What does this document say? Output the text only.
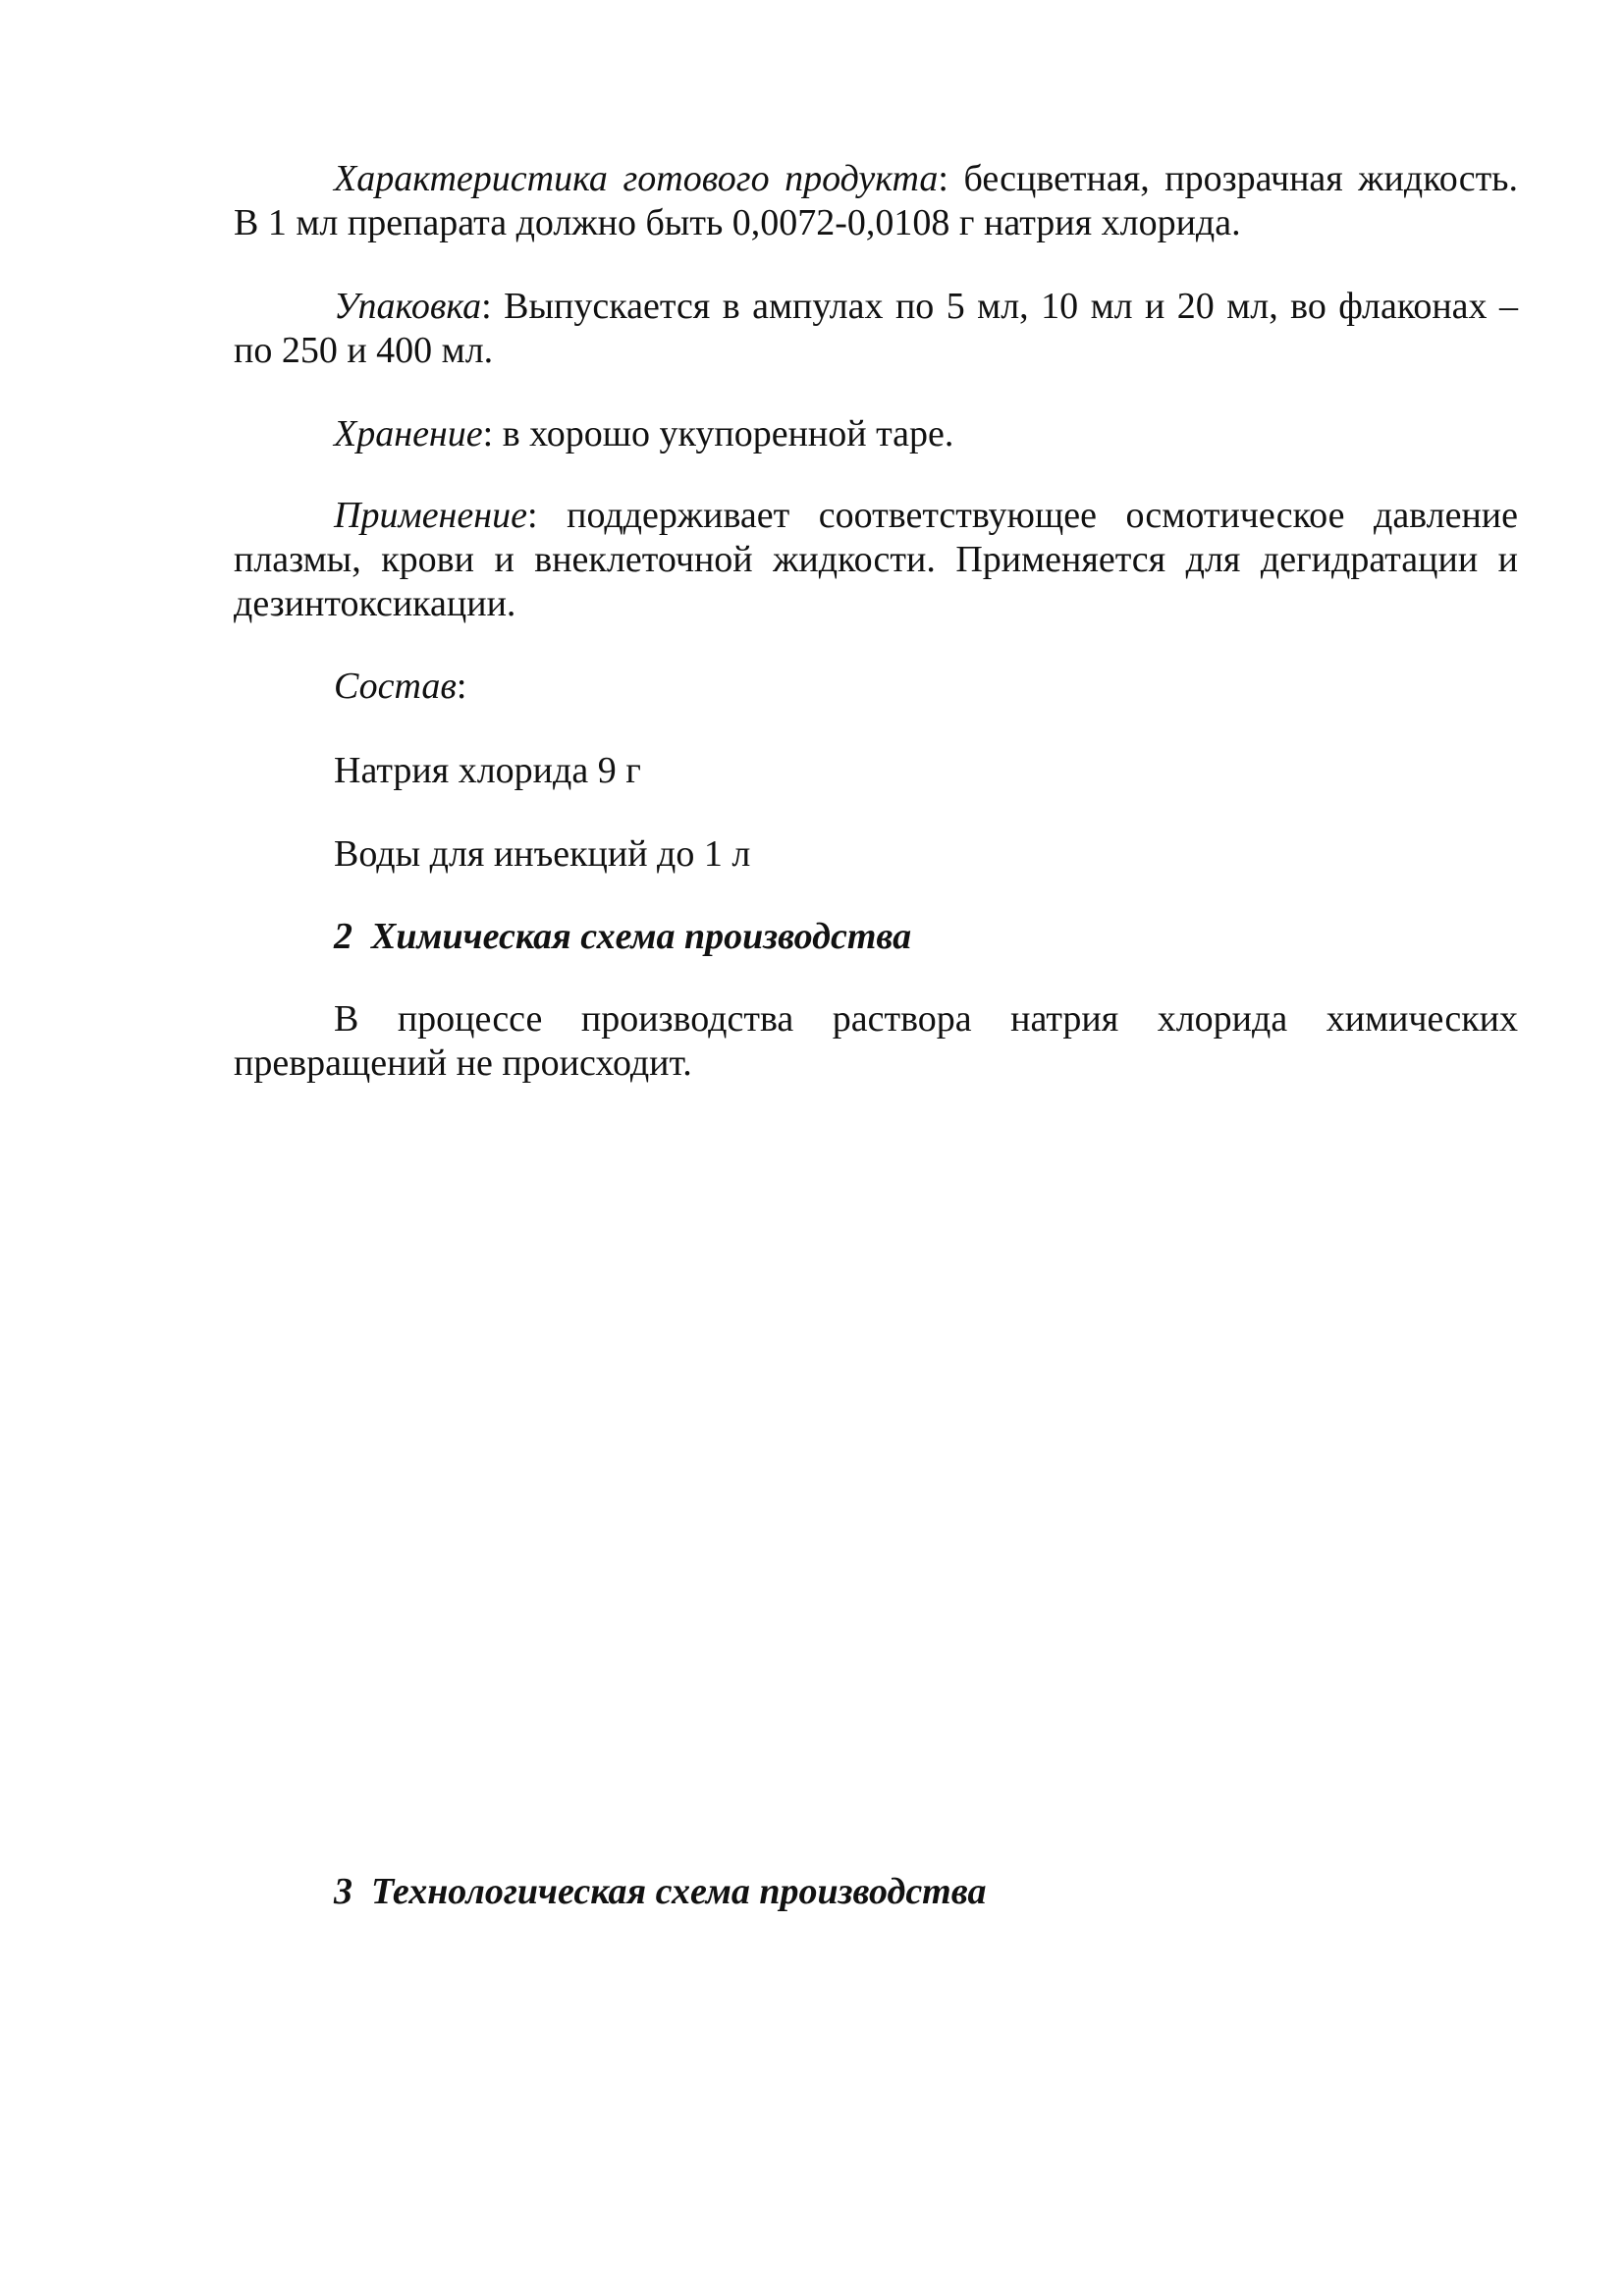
Характеристика готового продукта: бесцветная, прозрачная жидкость. В 1 мл препарата должно быть 0,0072-0,0108 г натрия хлорида.

Упаковка: Выпускается в ампулах по 5 мл, 10 мл и 20 мл, во флаконах – по 250 и 400 мл.

Хранение: в хорошо укупоренной таре.

Применение: поддерживает соответствующее осмотическое давление плазмы, крови и внеклеточной жидкости. Применяется для дегидратации и дезинтоксикации.

Состав:

Натрия хлорида 9 г

Воды для инъекций до 1 л

2 Химическая схема производства

В процессе производства раствора натрия хлорида химических превращений не происходит.

3 Технологическая схема производства
